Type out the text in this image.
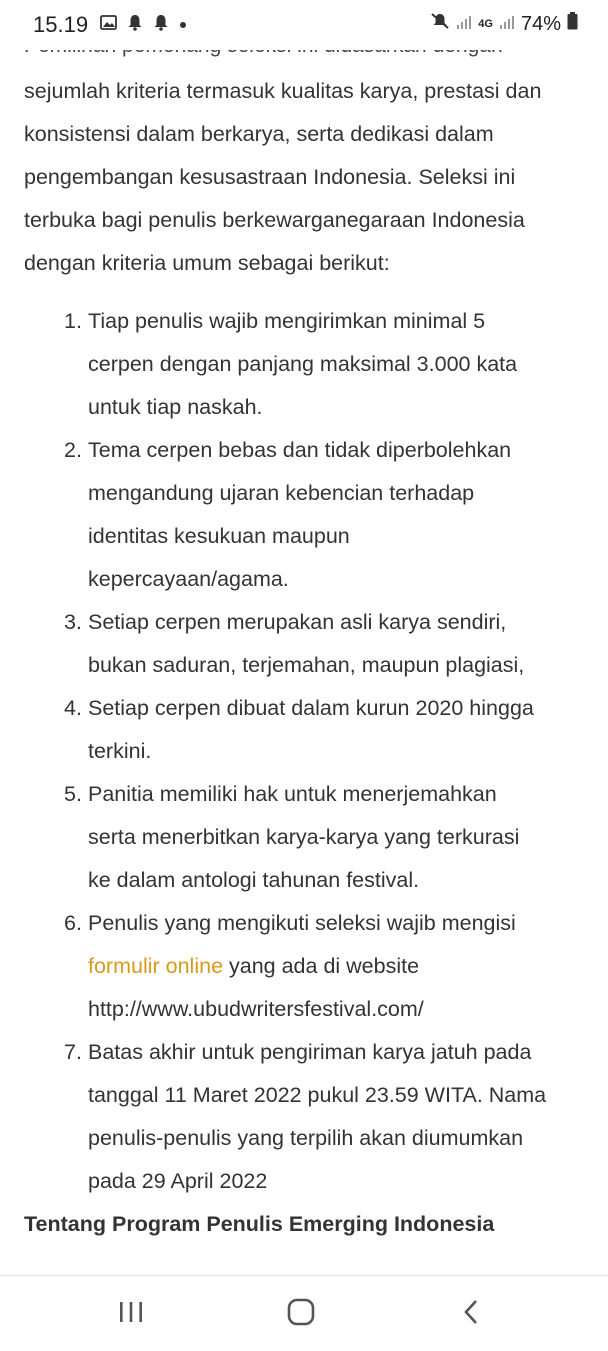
15.19	4G 74%
sejumlah kriteria termasuk kualitas karya, prestasi dan
konsistensi dalam berkarya, serta dedikasi dalam
pengembangan kesusastraan Indonesia. Seleksi ini
terbuka bagi penulis berkewarganegaraan Indonesia
dengan kriteria umum sebagai berikut:
1. Tiap penulis wajib mengirimkan minimal 5
cerpen dengan panjang maksimal 3.000 kata
untuk tiap naskah.
2. Tema cerpen bebas dan tidak diperbolehkan
mengandung ujaran kebencian terhadap
identitas kesukuan maupun
kepercayaan/agama.
3. Setiap cerpen merupakan asli karya sendiri,
bukan saduran, terjemahan, maupun plagiasi,
4. Setiap cerpen dibuat dalam kurun 2020 hingga
terkini.
5. Panitia memiliki hak untuk menerjemahkan
serta menerbitkan karya-karya yang terkurasi
ke dalam antologi tahunan festival.
6. Penulis yang mengikuti seleksi wajib mengisi
formulir online yang ada di website
http://www.ubudwritersfestival.com/
7. Batas akhir untuk pengiriman karya jatuh pada
tanggal 11 Maret 2022 pukul 23.59 WITA. Nama
penulis-penulis yang terpilih akan diumumkan
pada 29 April 2022
Tentang Program Penulis Emerging Indonesia
